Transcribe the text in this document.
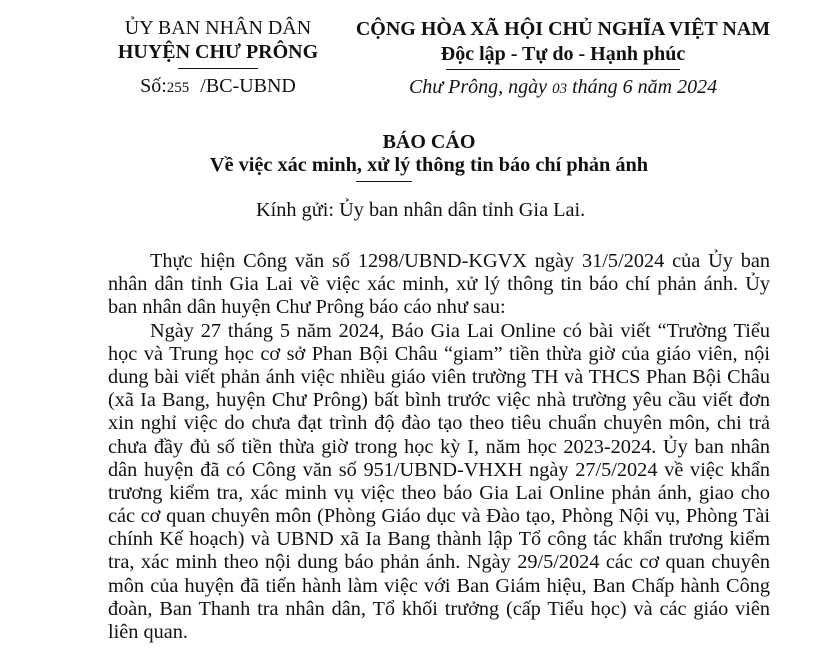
ỦY BAN NHÂN DÂN
HUYỆN CHƯ PRÔNG
Số:255 /BC-UBND
CỘNG HÒA XÃ HỘI CHỦ NGHĨA VIỆT NAM
Độc lập - Tự do - Hạnh phúc
Chư Prông, ngày 03 tháng 6 năm 2024
BÁO CÁO
Về việc xác minh, xử lý thông tin báo chí phản ánh
Kính gửi: Ủy ban nhân dân tỉnh Gia Lai.
Thực hiện Công văn số 1298/UBND-KGVX ngày 31/5/2024 của Ủy ban
nhân dân tỉnh Gia Lai về việc xác minh, xử lý thông tin báo chí phản ánh. Ủy
ban nhân dân huyện Chư Prông báo cáo như sau:
Ngày 27 tháng 5 năm 2024, Báo Gia Lai Online có bài viết “Trường Tiểu
học và Trung học cơ sở Phan Bội Châu “giam” tiền thừa giờ của giáo viên, nội
dung bài viết phản ánh việc nhiều giáo viên trường TH và THCS Phan Bội Châu
(xã Ia Bang, huyện Chư Prông) bất bình trước việc nhà trường yêu cầu viết đơn
xin nghỉ việc do chưa đạt trình độ đào tạo theo tiêu chuẩn chuyên môn, chi trả
chưa đầy đủ số tiền thừa giờ trong học kỳ I, năm học 2023-2024. Ủy ban nhân
dân huyện đã có Công văn số 951/UBND-VHXH ngày 27/5/2024 về việc khẩn
trương kiểm tra, xác minh vụ việc theo báo Gia Lai Online phản ánh, giao cho
các cơ quan chuyên môn (Phòng Giáo dục và Đào tạo, Phòng Nội vụ, Phòng Tài
chính Kế hoạch) và UBND xã Ia Bang thành lập Tổ công tác khẩn trương kiểm
tra, xác minh theo nội dung báo phản ánh. Ngày 29/5/2024 các cơ quan chuyên
môn của huyện đã tiến hành làm việc với Ban Giám hiệu, Ban Chấp hành Công
đoàn, Ban Thanh tra nhân dân, Tổ khối trưởng (cấp Tiểu học) và các giáo viên
liên quan.
